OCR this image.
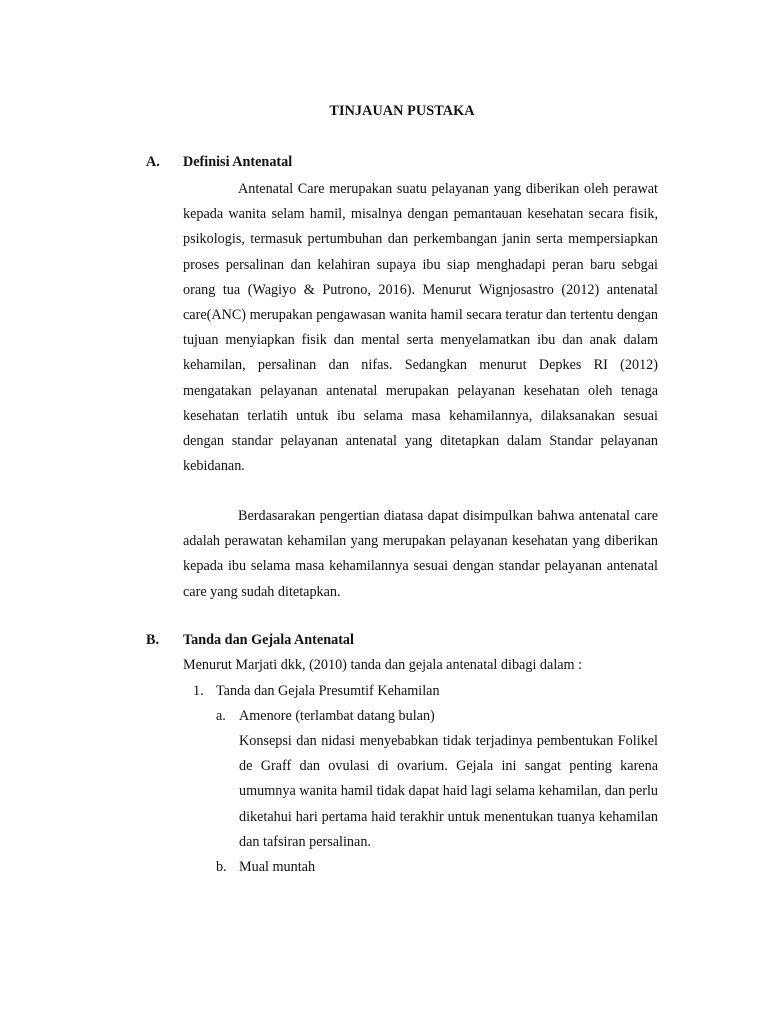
TINJAUAN PUSTAKA
A. Definisi Antenatal

Antenatal Care merupakan suatu pelayanan yang diberikan oleh perawat kepada wanita selam hamil, misalnya dengan pemantauan kesehatan secara fisik, psikologis, termasuk pertumbuhan dan perkembangan janin serta mempersiapkan proses persalinan dan kelahiran supaya ibu siap menghadapi peran baru sebgai orang tua (Wagiyo & Putrono, 2016). Menurut Wignjosastro (2012) antenatal care(ANC) merupakan pengawasan wanita hamil secara teratur dan tertentu dengan tujuan menyiapkan fisik dan mental serta menyelamatkan ibu dan anak dalam kehamilan, persalinan dan nifas. Sedangkan menurut Depkes RI (2012) mengatakan pelayanan antenatal merupakan pelayanan kesehatan oleh tenaga kesehatan terlatih untuk ibu selama masa kehamilannya, dilaksanakan sesuai dengan standar pelayanan antenatal yang ditetapkan dalam Standar pelayanan kebidanan.

Berdasarakan pengertian diatasa dapat disimpulkan bahwa antenatal care adalah perawatan kehamilan yang merupakan pelayanan kesehatan yang diberikan kepada ibu selama masa kehamilannya sesuai dengan standar pelayanan antenatal care yang sudah ditetapkan.

B. Tanda dan Gejala Antenatal
Menurut Marjati dkk, (2010) tanda dan gejala antenatal dibagi dalam :
1. Tanda dan Gejala Presumtif Kehamilan
a. Amenore (terlambat datang bulan)

Konsepsi dan nidasi menyebabkan tidak terjadinya pembentukan Folikel de Graff dan ovulasi di ovarium. Gejala ini sangat penting karena umumnya wanita hamil tidak dapat haid lagi selama kehamilan, dan perlu diketahui hari pertama haid terakhir untuk menentukan tuanya kehamilan dan tafsiran persalinan.

b. Mual muntah
